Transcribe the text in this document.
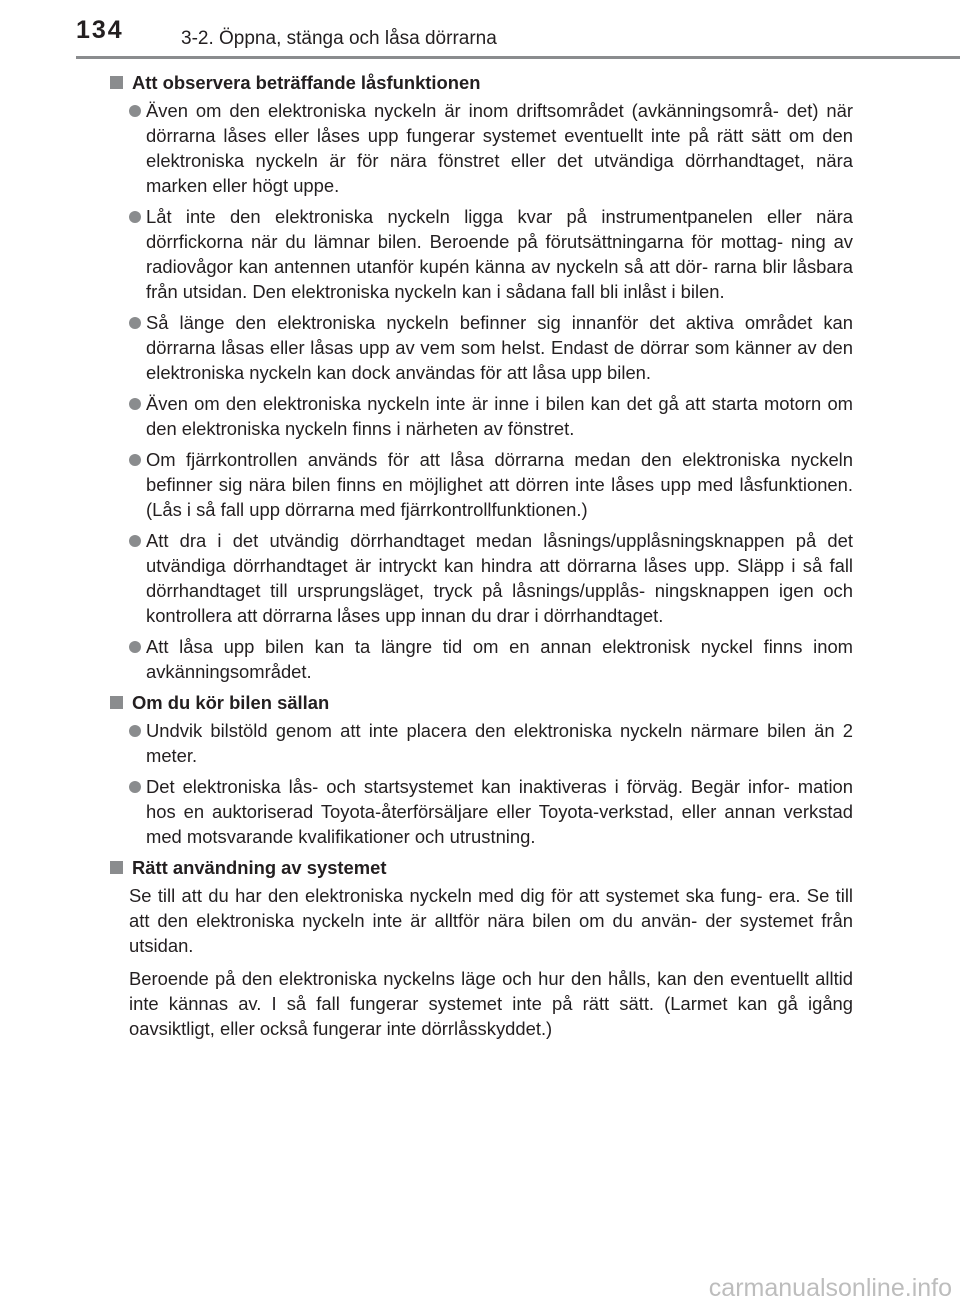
134	3-2. Öppna, stänga och låsa dörrarna
Att observera beträffande låsfunktionen
Även om den elektroniska nyckeln är inom driftsområdet (avkänningsområ- det) när dörrarna låses eller låses upp fungerar systemet eventuellt inte på rätt sätt om den elektroniska nyckeln är för nära fönstret eller det utvändiga dörrhandtaget, nära marken eller högt uppe.
Låt inte den elektroniska nyckeln ligga kvar på instrumentpanelen eller nära dörrfickorna när du lämnar bilen. Beroende på förutsättningarna för mottag- ning av radiovågor kan antennen utanför kupén känna av nyckeln så att dör- rarna blir låsbara från utsidan. Den elektroniska nyckeln kan i sådana fall bli inlåst i bilen.
Så länge den elektroniska nyckeln befinner sig innanför det aktiva området kan dörrarna låsas eller låsas upp av vem som helst. Endast de dörrar som känner av den elektroniska nyckeln kan dock användas för att låsa upp bilen.
Även om den elektroniska nyckeln inte är inne i bilen kan det gå att starta motorn om den elektroniska nyckeln finns i närheten av fönstret.
Om fjärrkontrollen används för att låsa dörrarna medan den elektroniska nyckeln befinner sig nära bilen finns en möjlighet att dörren inte låses upp med låsfunktionen. (Lås i så fall upp dörrarna med fjärrkontrollfunktionen.)
Att dra i det utvändig dörrhandtaget medan låsnings/upplåsningsknappen på det utvändiga dörrhandtaget är intryckt kan hindra att dörrarna låses upp. Släpp i så fall dörrhandtaget till ursprungsläget, tryck på låsnings/upplås- ningsknappen igen och kontrollera att dörrarna låses upp innan du drar i dörrhandtaget.
Att låsa upp bilen kan ta längre tid om en annan elektronisk nyckel finns inom avkänningsområdet.
Om du kör bilen sällan
Undvik bilstöld genom att inte placera den elektroniska nyckeln närmare bilen än 2 meter.
Det elektroniska lås- och startsystemet kan inaktiveras i förväg. Begär infor- mation hos en auktoriserad Toyota-återförsäljare eller Toyota-verkstad, eller annan verkstad med motsvarande kvalifikationer och utrustning.
Rätt användning av systemet

Se till att du har den elektroniska nyckeln med dig för att systemet ska fung- era. Se till att den elektroniska nyckeln inte är alltför nära bilen om du använ- der systemet från utsidan.

Beroende på den elektroniska nyckelns läge och hur den hålls, kan den eventuellt alltid inte kännas av. I så fall fungerar systemet inte på rätt sätt. (Larmet kan gå igång oavsiktligt, eller också fungerar inte dörrlåsskyddet.)

carmanualsonline.info
